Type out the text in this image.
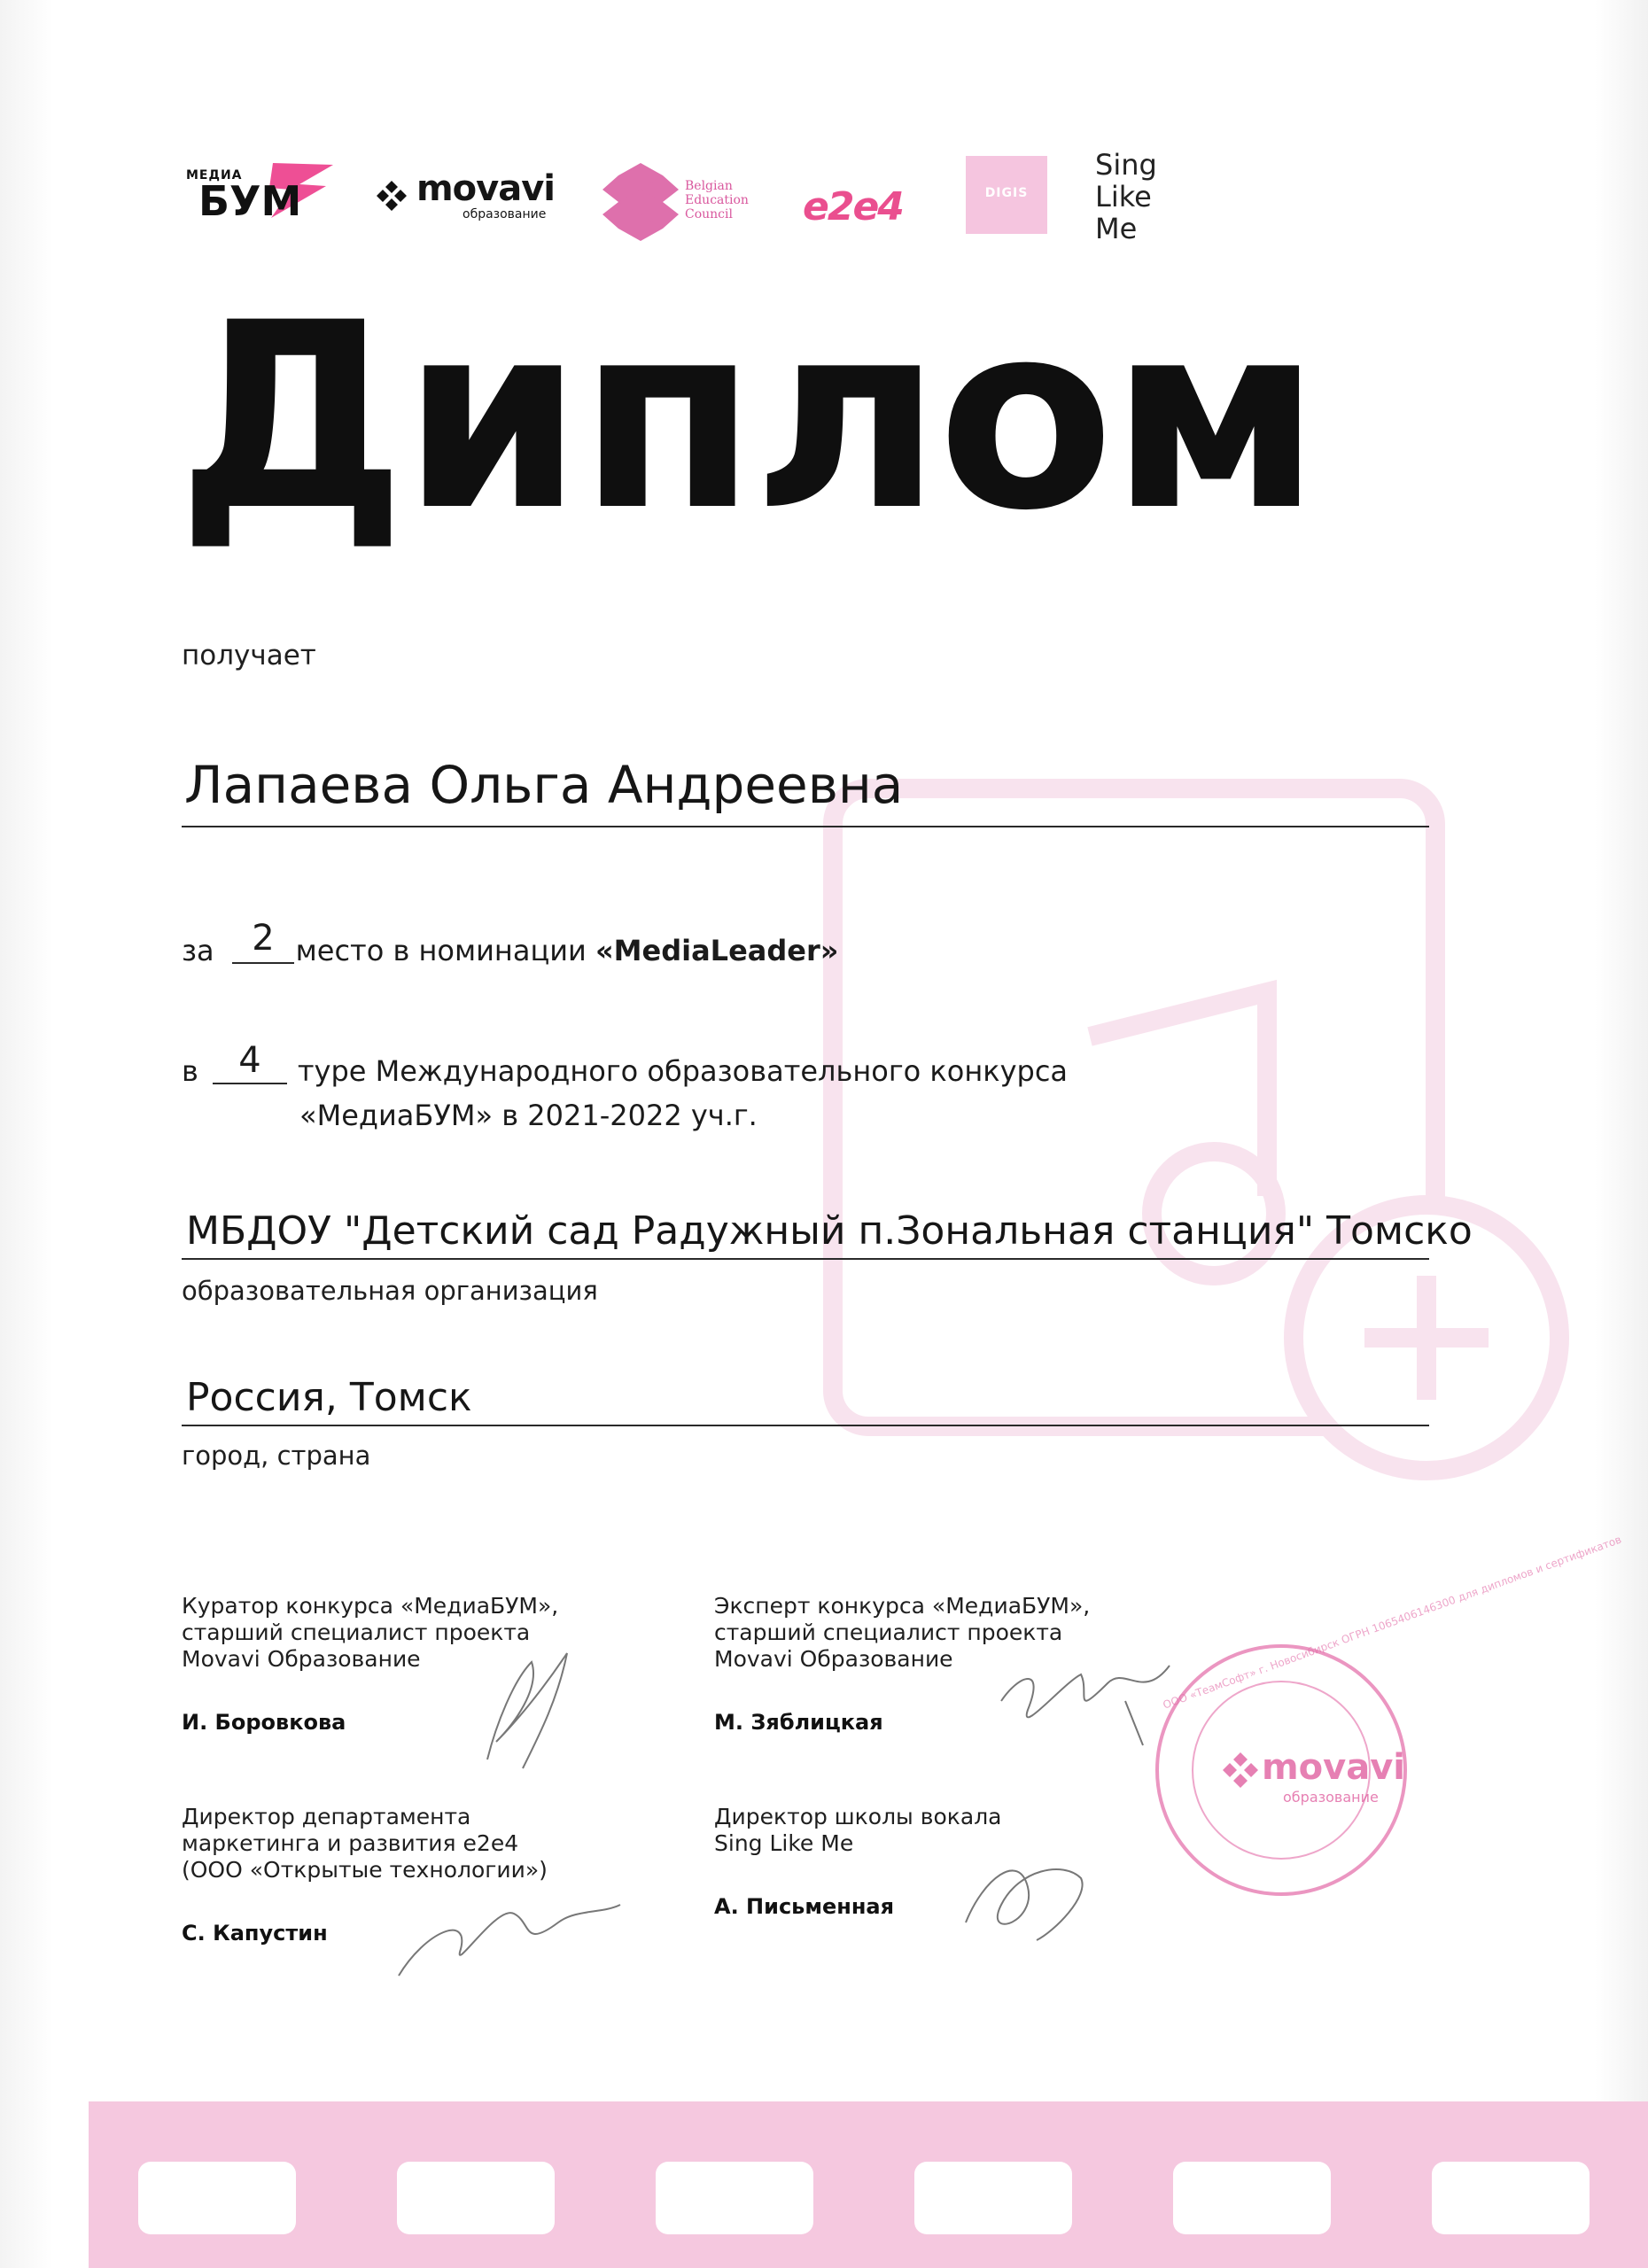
МЕДИА
БУМ	movavi
образование
Belgian
Education
Council	e2e4	DIGIS
Sing
Like
Me
Диплом
получает
Лапаева Ольга Андреевна
за	место в номинации «MediaLeader»
2
в	туре Международного образовательного конкурса
«МедиаБУМ» в 2021-2022 уч.г.
4
МБДОУ "Детский сад Радужный п.Зональная станция" Томско
образовательная организация
Россия, Томск
город, страна
Куратор конкурса «МедиаБУМ»,
старший специалист проекта
Movavi Образование
И. Боровкова
Эксперт конкурса «МедиаБУМ»,
старший специалист проекта
Movavi Образование
М. Зяблицкая
Директор департамента
маркетинга и развития e2e4
(ООО «Открытые технологии»)
С. Капустин
Директор школы вокала
Sing Like Me
А. Письменная
movavi
образование
ООО «ТеамСофт» г. Новосибирск ОГРН 1065406146300 для дипломов и сертификатов
